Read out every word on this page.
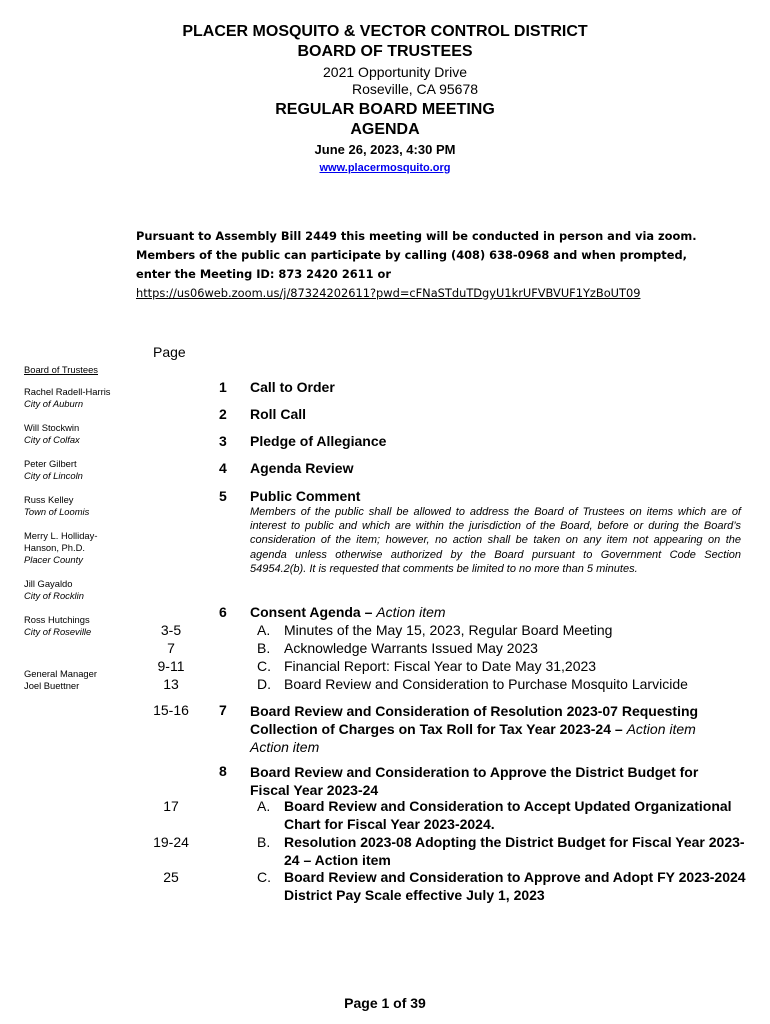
PLACER MOSQUITO & VECTOR CONTROL DISTRICT
BOARD OF TRUSTEES
2021 Opportunity Drive
Roseville, CA 95678
REGULAR BOARD MEETING
AGENDA
June 26, 2023, 4:30 PM
www.placermosquito.org
Pursuant to Assembly Bill 2449 this meeting will be conducted in person and via zoom.
Members of the public can participate by calling (408) 638-0968 and when prompted,
enter the Meeting ID: 873 2420 2611 or
https://us06web.zoom.us/j/87324202611?pwd=cFNaSTduTDgyU1krUFVBVUF1YzBoUT09
Page
Board of Trustees
Rachel Radell-Harris
City of Auburn
Will Stockwin
City of Colfax
Peter Gilbert
City of Lincoln
Russ Kelley
Town of Loomis
Merry L. Holliday-Hanson, Ph.D.
Placer County
Jill Gayaldo
City of Rocklin
Ross Hutchings
City of Roseville
General Manager
Joel Buettner
1 Call to Order
2 Roll Call
3 Pledge of Allegiance
4 Agenda Review
5 Public Comment
Members of the public shall be allowed to address the Board of Trustees on items which are of interest to public and which are within the jurisdiction of the Board, before or during the Board’s consideration of the item; however, no action shall be taken on any item not appearing on the agenda unless otherwise authorized by the Board pursuant to Government Code Section 54954.2(b). It is requested that comments be limited to no more than 5 minutes.
6 Consent Agenda – Action item
3-5	A. Minutes of the May 15, 2023, Regular Board Meeting
7	B. Acknowledge Warrants Issued May 2023
9-11	C. Financial Report: Fiscal Year to Date May 31,2023
13	D. Board Review and Consideration to Purchase Mosquito Larvicide
15-16	7 Board Review and Consideration of Resolution 2023-07 Requesting
Collection of Charges on Tax Roll for Tax Year 2023-24 – Action item
Action item
8 Board Review and Consideration to Approve the District Budget for
Fiscal Year 2023-24
17	A. Board Review and Consideration to Accept Updated Organizational Chart for Fiscal Year 2023-2024.
19-24	B. Resolution 2023-08 Adopting the District Budget for Fiscal Year 2023-24 – Action item
25	C. Board Review and Consideration to Approve and Adopt FY 2023-2024 District Pay Scale effective July 1, 2023
Page 1 of 39
